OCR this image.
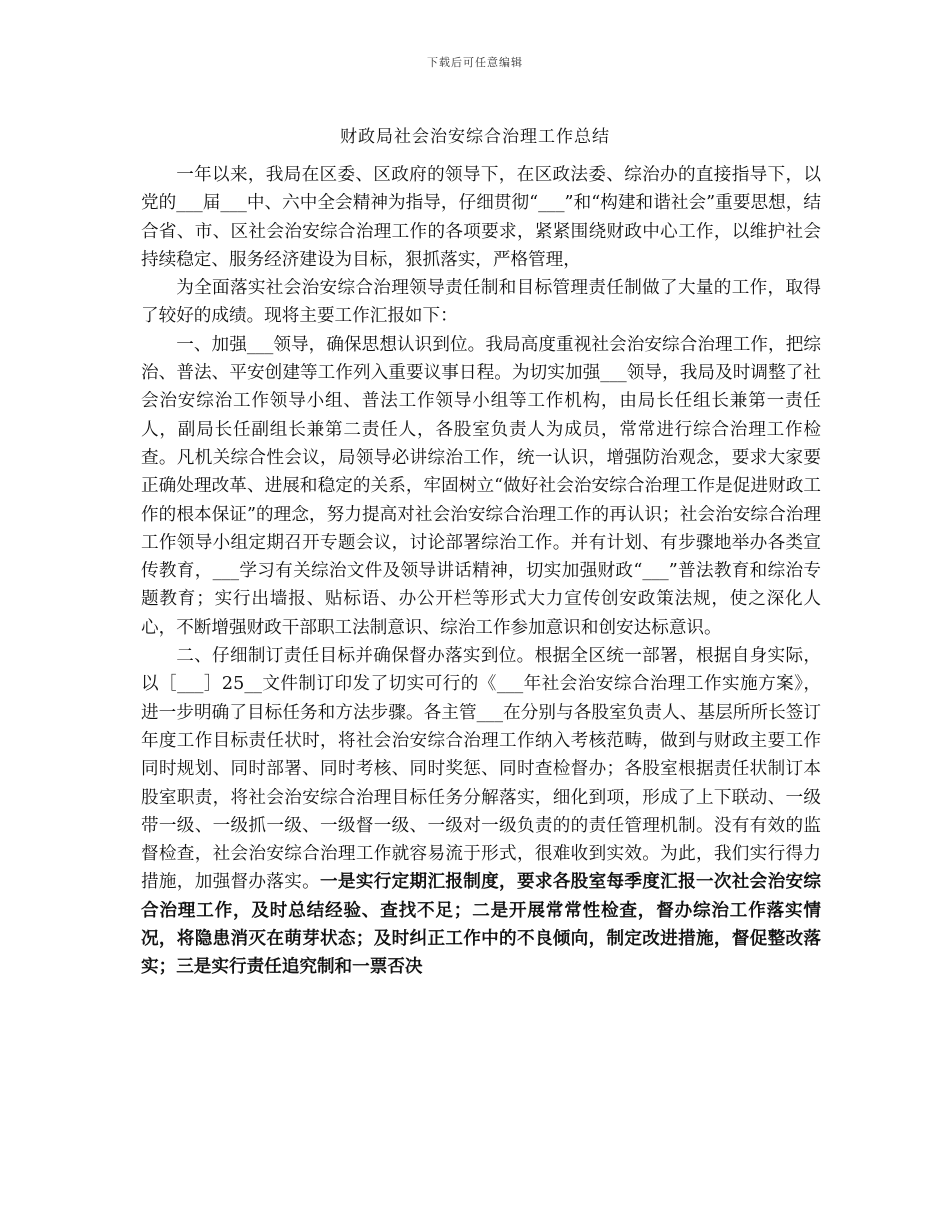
下载后可任意编辑
财政局社会治安综合治理工作总结

一年以来，我局在区委、区政府的领导下，在区政法委、综治办的直接指导下，以党的___届___中、六中全会精神为指导，仔细贯彻“___”和“构建和谐社会”重要思想，结合省、市、区社会治安综合治理工作的各项要求，紧紧围绕财政中心工作，以维护社会持续稳定、服务经济建设为目标，狠抓落实，严格管理，

为全面落实社会治安综合治理领导责任制和目标管理责任制做了大量的工作，取得了较好的成绩。现将主要工作汇报如下：

一、加强___领导，确保思想认识到位。我局高度重视社会治安综合治理工作，把综治、普法、平安创建等工作列入重要议事日程。为切实加强___领导，我局及时调整了社会治安综治工作领导小组、普法工作领导小组等工作机构，由局长任组长兼第一责任人，副局长任副组长兼第二责任人，各股室负责人为成员，常常进行综合治理工作检查。凡机关综合性会议，局领导必讲综治工作，统一认识，增强防治观念，要求大家要正确处理改革、进展和稳定的关系，牢固树立“做好社会治安综合治理工作是促进财政工作的根本保证”的理念，努力提高对社会治安综合治理工作的再认识；社会治安综合治理工作领导小组定期召开专题会议，讨论部署综治工作。并有计划、有步骤地举办各类宣传教育，___学习有关综治文件及领导讲话精神，切实加强财政“___”普法教育和综治专题教育；实行出墙报、贴标语、办公开栏等形式大力宣传创安政策法规，使之深化人心，不断增强财政干部职工法制意识、综治工作参加意识和创安达标意识。

二、仔细制订责任目标并确保督办落实到位。根据全区统一部署，根据自身实际，以［___］25__文件制订印发了切实可行的《___年社会治安综合治理工作实施方案》，进一步明确了目标任务和方法步骤。各主管___在分别与各股室负责人、基层所所长签订年度工作目标责任状时，将社会治安综合治理工作纳入考核范畴，做到与财政主要工作同时规划、同时部署、同时考核、同时奖惩、同时查检督办；各股室根据责任状制订本股室职责，将社会治安综合治理目标任务分解落实，细化到项，形成了上下联动、一级带一级、一级抓一级、一级督一级、一级对一级负责的的责任管理机制。没有有效的监督检查，社会治安综合治理工作就容易流于形式，很难收到实效。为此，我们实行得力措施，加强督办落实。一是实行定期汇报制度，要求各股室每季度汇报一次社会治安综合治理工作，及时总结经验、查找不足；二是开展常常性检查，督办综治工作落实情况，将隐患消灭在萌芽状态；及时纠正工作中的不良倾向，制定改进措施，督促整改落实；三是实行责任追究制和一票否决
